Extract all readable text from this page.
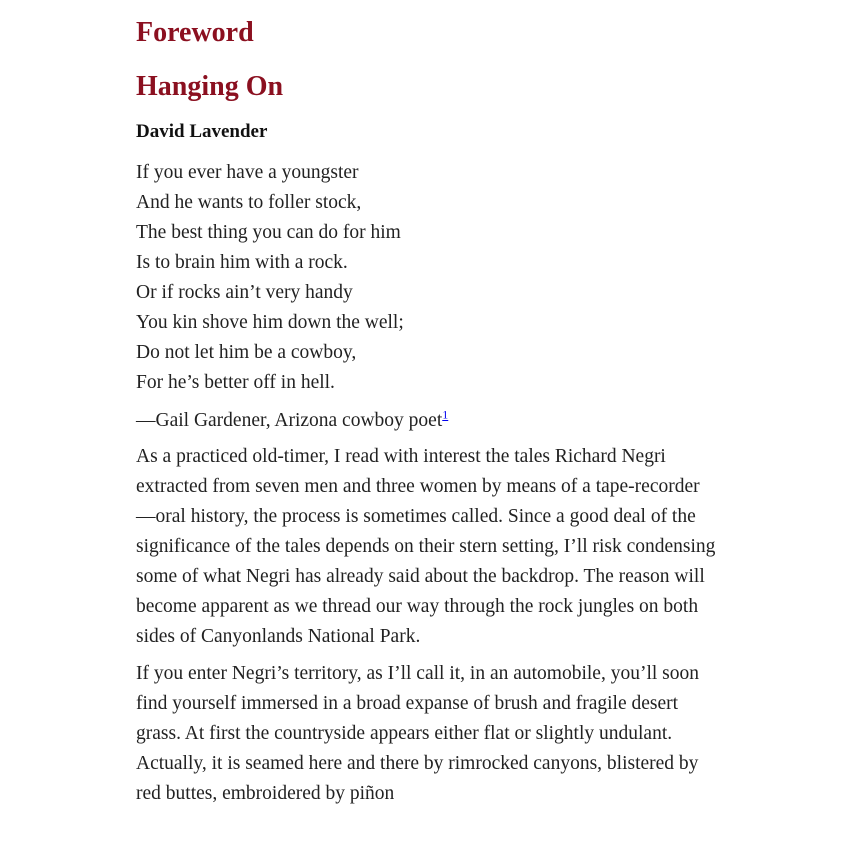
Foreword
Hanging On
David Lavender
If you ever have a youngster
And he wants to foller stock,
The best thing you can do for him
Is to brain him with a rock.
Or if rocks ain’t very handy
You kin shove him down the well;
Do not let him be a cowboy,
For he’s better off in hell.
—Gail Gardener, Arizona cowboy poet$^1$

As a practiced old-timer, I read with interest the tales Richard Negri extracted from seven men and three women by means of a tape-recorder—oral history, the process is sometimes called. Since a good deal of the significance of the tales depends on their stern setting, I’ll risk condensing some of what Negri has already said about the backdrop. The reason will become apparent as we thread our way through the rock jungles on both sides of Canyonlands National Park.

If you enter Negri’s territory, as I’ll call it, in an automobile, you’ll soon find yourself immersed in a broad expanse of brush and fragile desert grass. At first the countryside appears either flat or slightly undulant. Actually, it is seamed here and there by rimrocked canyons, blistered by red buttes, embroidered by piñon
